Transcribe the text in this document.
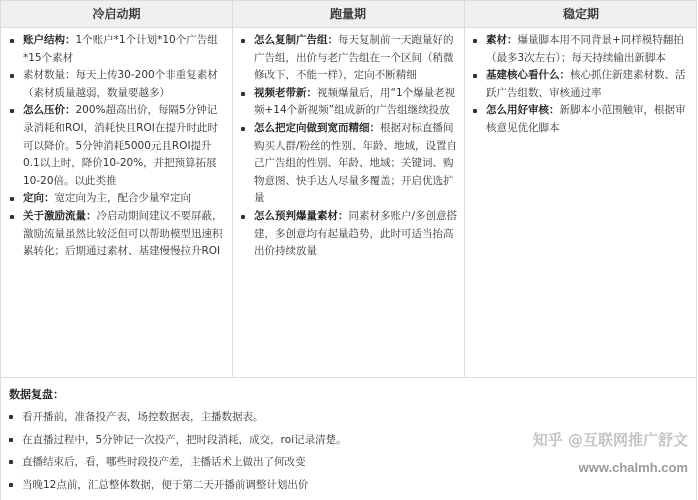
冷启动期	跑量期	稳定期
账户结构：1个账户*1个计划*10个广告组*15个素材
素材数量：每天上传30-200个非重复素材（素材质量越弱，数量要越多）
怎么压价：200%超高出价，每隔5分钟记录消耗和ROI，消耗快且ROI在提升时此时可以降价。5分钟消耗5000元且ROI提升0.1以上时，降价10-20%，并把预算拓展10-20倍。以此类推
定向：宽定向为主，配合少量窄定向
关于激励流量：冷启动期间建议不要屏蔽，激励流量虽然比较泛但可以帮助模型迅速积累转化；后期通过素材、基建慢慢拉升ROI
怎么复制广告组：每天复制前一天跑量好的广告组，出价与老广告组在一个区间（稍微修改下，不能一样），定向不断精细
视频老带新：视频爆量后，用“1个爆量老视频+14个新视频”组成新的广告组继续投放
怎么把定向做到宽而精细：根据对标直播间购买人群/粉丝的性别、年龄、地域，设置自己广告组的性别、年龄、地域；关键词、购物意图、快手达人尽量多覆盖；开启优选扩量
怎么预判爆量素材：同素材多账户/多创意搭建，多创意均有起量趋势，此时可适当抬高出价持续放量
素材：爆量脚本用不同背景+同样模特翻拍（最多3次左右）；每天持续输出新脚本
基建核心看什么：核心抓住新建素材数、活跃广告组数、审核通过率
怎么用好审核：新脚本小范围触审，根据审核意见优化脚本
数据复盘：
看开播前，准备投产表，场控数据表，主播数据表。
在直播过程中，5分钟记一次投产，把时段消耗，成交，roi记录清楚。
直播结束后，看，哪些时段投产差，主播话术上做出了何改变
当晚12点前，汇总整体数据，便于第二天开播前调整计划出价
知乎 @互联网推广舒文
www.chalmh.com
